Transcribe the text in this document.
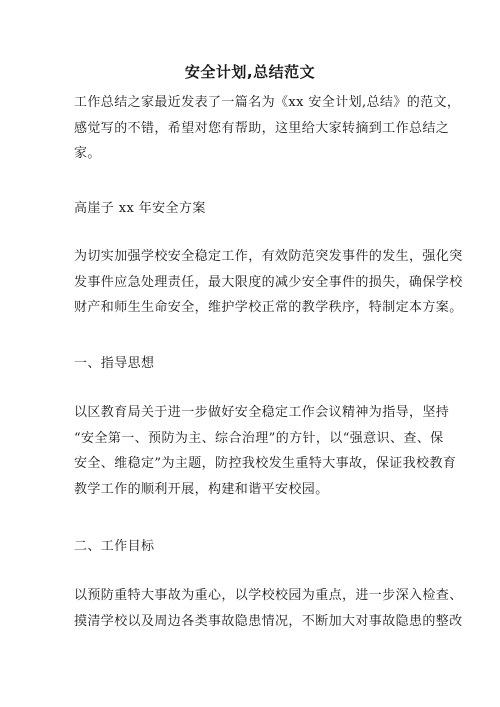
安全计划,总结范文

工作总结之家最近发表了一篇名为《xx 安全计划,总结》的范文，
感觉写的不错，希望对您有帮助，这里给大家转摘到工作总结之
家。

高崖子 xx 年安全方案

为切实加强学校安全稳定工作，有效防范突发事件的发生，强化突
发事件应急处理责任，最大限度的减少安全事件的损失，确保学校
财产和师生生命安全，维护学校正常的教学秩序，特制定本方案。

一、指导思想

以区教育局关于进一步做好安全稳定工作会议精神为指导，坚持
“安全第一、预防为主、综合治理”的方针，以“强意识、查、保
安全、维稳定”为主题，防控我校发生重特大事故，保证我校教育
教学工作的顺利开展，构建和谐平安校园。

二、工作目标

以预防重特大事故为重心，以学校校园为重点，进一步深入检查、
摸清学校以及周边各类事故隐患情况，不断加大对事故隐患的整改
